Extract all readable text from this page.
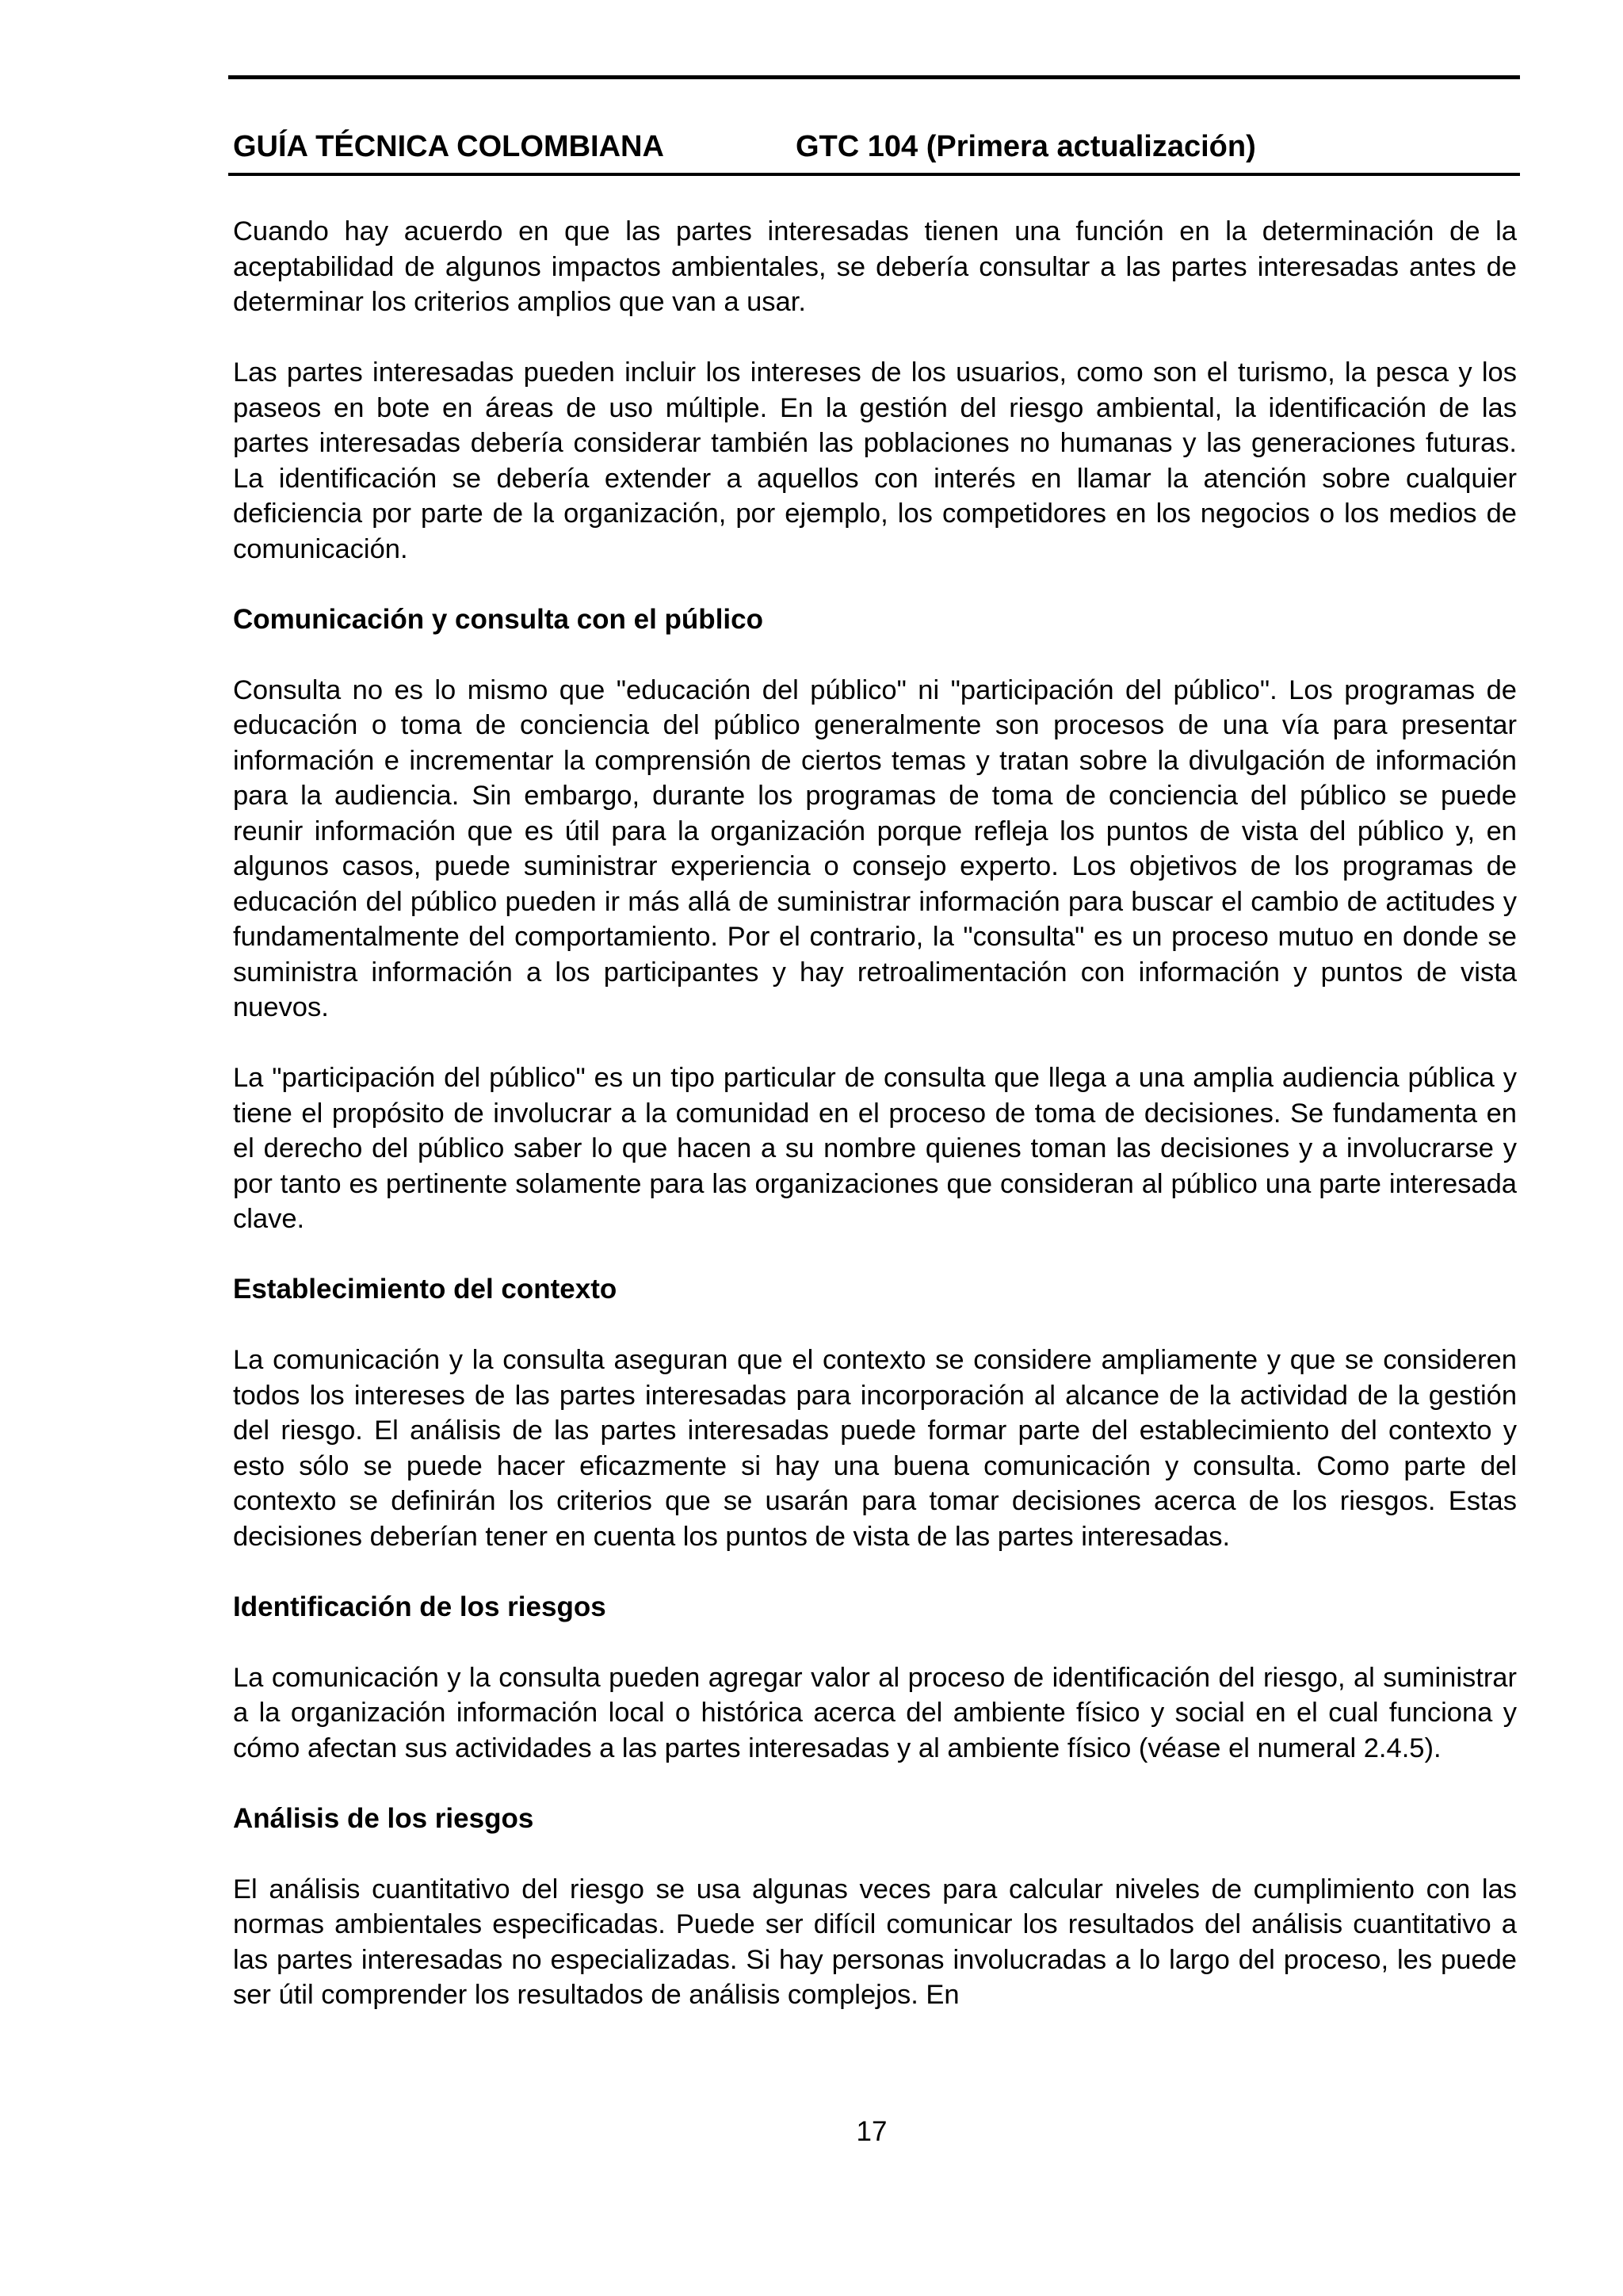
GUÍA TÉCNICA COLOMBIANA	GTC 104 (Primera actualización)

Cuando hay acuerdo en que las partes interesadas tienen una función en la determinación de la aceptabilidad de algunos impactos ambientales, se debería consultar a las partes interesadas antes de determinar los criterios amplios que van a usar.

Las partes interesadas pueden incluir los intereses de los usuarios, como son el turismo, la pesca y los paseos en bote en áreas de uso múltiple. En la gestión del riesgo ambiental, la identificación de las partes interesadas debería considerar también las poblaciones no humanas y las generaciones futuras. La identificación se debería extender a aquellos con interés en llamar la atención sobre cualquier deficiencia por parte de la organización, por ejemplo, los competidores en los negocios o los medios de comunicación.

Comunicación y consulta con el público

Consulta no es lo mismo que "educación del público" ni "participación del público". Los programas de educación o toma de conciencia del público generalmente son procesos de una vía para presentar información e incrementar la comprensión de ciertos temas y tratan sobre la divulgación de información para la audiencia. Sin embargo, durante los programas de toma de conciencia del público se puede reunir información que es útil para la organización porque refleja los puntos de vista del público y, en algunos casos, puede suministrar experiencia o consejo experto. Los objetivos de los programas de educación del público pueden ir más allá de suministrar información para buscar el cambio de actitudes y fundamentalmente del comportamiento. Por el contrario, la "consulta" es un proceso mutuo en donde se suministra información a los participantes y hay retroalimentación con información y puntos de vista nuevos.

La "participación del público" es un tipo particular de consulta que llega a una amplia audiencia pública y tiene el propósito de involucrar a la comunidad en el proceso de toma de decisiones. Se fundamenta en el derecho del público saber lo que hacen a su nombre quienes toman las decisiones y a involucrarse y por tanto es pertinente solamente para las organizaciones que consideran al público una parte interesada clave.

Establecimiento del contexto

La comunicación y la consulta aseguran que el contexto se considere ampliamente y que se consideren todos los intereses de las partes interesadas para incorporación al alcance de la actividad de la gestión del riesgo. El análisis de las partes interesadas puede formar parte del establecimiento del contexto y esto sólo se puede hacer eficazmente si hay una buena comunicación y consulta. Como parte del contexto se definirán los criterios que se usarán para tomar decisiones acerca de los riesgos. Estas decisiones deberían tener en cuenta los puntos de vista de las partes interesadas.

Identificación de los riesgos

La comunicación y la consulta pueden agregar valor al proceso de identificación del riesgo, al suministrar a la organización información local o histórica acerca del ambiente físico y social en el cual funciona y cómo afectan sus actividades a las partes interesadas y al ambiente físico (véase el numeral 2.4.5).

Análisis de los riesgos

El análisis cuantitativo del riesgo se usa algunas veces para calcular niveles de cumplimiento con las normas ambientales especificadas. Puede ser difícil comunicar los resultados del análisis cuantitativo a las partes interesadas no especializadas. Si hay personas involucradas a lo largo del proceso, les puede ser útil comprender los resultados de análisis complejos. En

17
